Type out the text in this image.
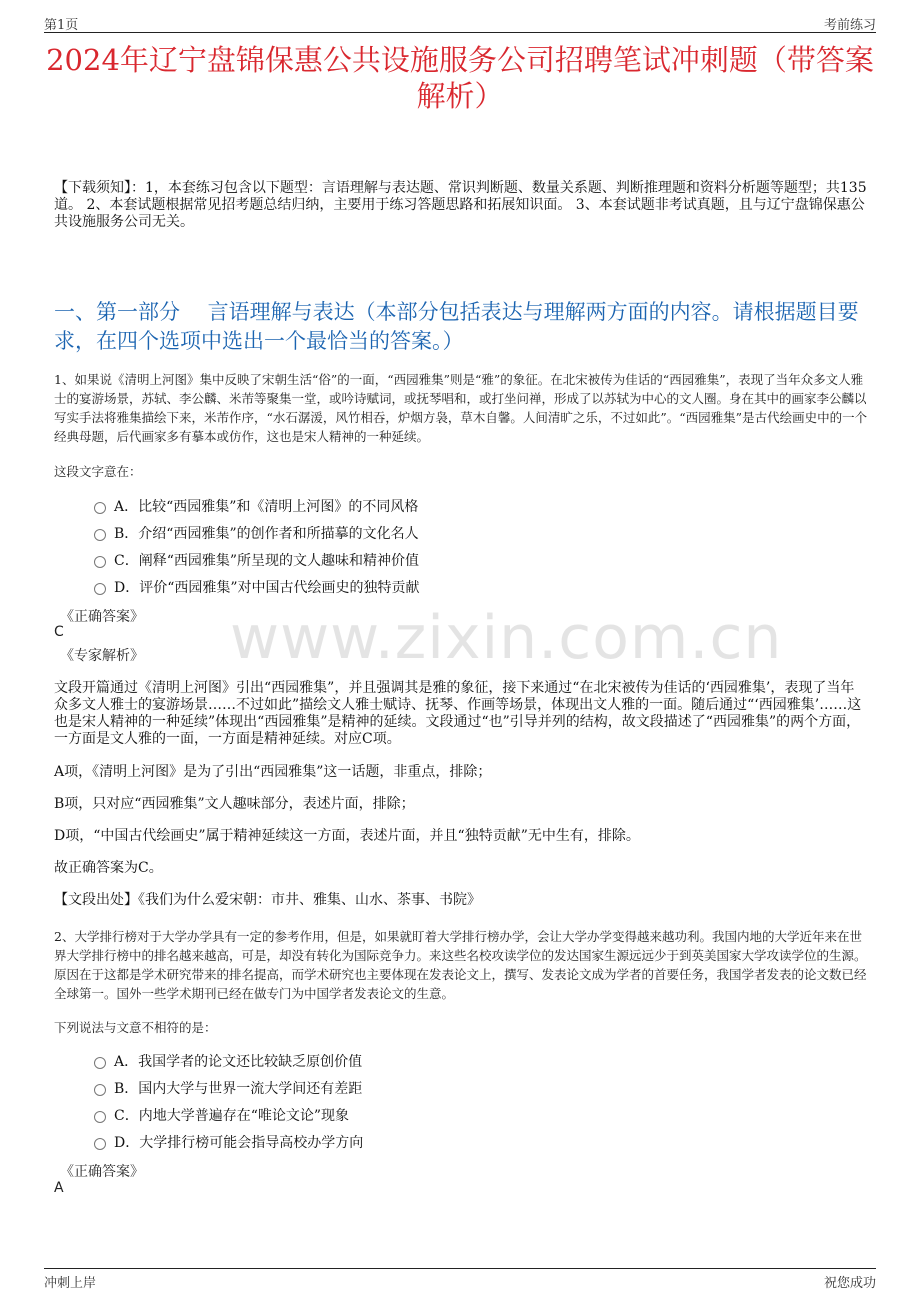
第1页	考前练习
www.zixin.com.cn
2024年辽宁盘锦保惠公共设施服务公司招聘笔试冲刺题（带答案解析）
【下载须知】：1，本套练习包含以下题型：言语理解与表达题、常识判断题、数量关系题、判断推理题和资料分析题等题型；共135道。 2、本套试题根据常见招考题总结归纳，主要用于练习答题思路和拓展知识面。 3、本套试题非考试真题，且与辽宁盘锦保惠公共设施服务公司无关。
一、第一部分　 言语理解与表达（本部分包括表达与理解两方面的内容。请根据题目要求，在四个选项中选出一个最恰当的答案。）
1、如果说《清明上河图》集中反映了宋朝生活“俗”的一面，“西园雅集”则是“雅”的象征。在北宋被传为佳话的“西园雅集”，表现了当年众多文人雅士的宴游场景，苏轼、李公麟、米芾等聚集一堂，或吟诗赋词，或抚琴唱和，或打坐问禅，形成了以苏轼为中心的文人圈。身在其中的画家李公麟以写实手法将雅集描绘下来，米芾作序，“水石潺湲，风竹相吞，炉烟方袅，草木自馨。人间清旷之乐，不过如此”。“西园雅集”是古代绘画史中的一个经典母题，后代画家多有摹本或仿作，这也是宋人精神的一种延续。
这段文字意在：
A．比较“西园雅集”和《清明上河图》的不同风格
B．介绍“西园雅集”的创作者和所描摹的文化名人
C．阐释“西园雅集”所呈现的文人趣味和精神价值
D．评价“西园雅集”对中国古代绘画史的独特贡献
《正确答案》
C
《专家解析》
文段开篇通过《清明上河图》引出“西园雅集”，并且强调其是雅的象征，接下来通过“在北宋被传为佳话的‘西园雅集’，表现了当年众多文人雅士的宴游场景……不过如此”描绘文人雅士赋诗、抚琴、作画等场景，体现出文人雅的一面。随后通过“‘西园雅集’……这也是宋人精神的一种延续”体现出“西园雅集”是精神的延续。文段通过“也”引导并列的结构，故文段描述了“西园雅集”的两个方面，一方面是文人雅的一面，一方面是精神延续。对应C项。
A项，《清明上河图》是为了引出“西园雅集”这一话题，非重点，排除；
B项，只对应“西园雅集”文人趣味部分，表述片面，排除；
D项，“中国古代绘画史”属于精神延续这一方面，表述片面，并且“独特贡献”无中生有，排除。
故正确答案为C。
【文段出处】《我们为什么爱宋朝：市井、雅集、山水、茶事、书院》
2、大学排行榜对于大学办学具有一定的参考作用，但是，如果就盯着大学排行榜办学，会让大学办学变得越来越功利。我国内地的大学近年来在世界大学排行榜中的排名越来越高，可是，却没有转化为国际竞争力。来这些名校攻读学位的发达国家生源远远少于到英美国家大学攻读学位的生源。原因在于这都是学术研究带来的排名提高，而学术研究也主要体现在发表论文上，撰写、发表论文成为学者的首要任务，我国学者发表的论文数已经全球第一。国外一些学术期刊已经在做专门为中国学者发表论文的生意。
下列说法与文意不相符的是：
A．我国学者的论文还比较缺乏原创价值
B．国内大学与世界一流大学间还有差距
C．内地大学普遍存在“唯论文论”现象
D．大学排行榜可能会指导高校办学方向
《正确答案》
A
冲刺上岸	祝您成功
